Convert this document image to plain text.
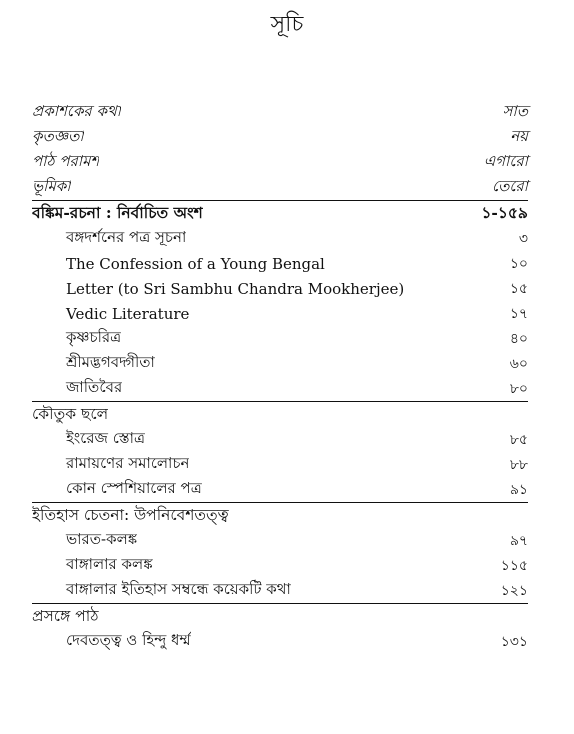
সূচি
প্রকাশকের কথা	সাত
কৃতজ্ঞতা	নয়
পাঠ পরামর্শ	এগারো
ভূমিকা	তেরো
বঙ্কিম-রচনা : নির্বাচিত অংশ	১-১৫৯
বঙ্গদর্শনের পত্র সূচনা	৩
The Confession of a Young Bengal	১০
Letter (to Sri Sambhu Chandra Mookherjee)	১৫
Vedic Literature	১৭
কৃষ্ণচরিত্র	৪০
শ্রীমদ্ভগবদ্গীতা	৬০
জাতিবৈর	৮০
কৌতুক ছলে
ইংরেজ স্তোত্র	৮৫
রামায়ণের সমালোচন	৮৮
কোন স্পেশিয়ালের পত্র	৯১
ইতিহাস চেতনা: উপনিবেশতত্ত্ব
ভারত-কলঙ্ক	৯৭
বাঙ্গালার কলঙ্ক	১১৫
বাঙ্গালার ইতিহাস সম্বন্ধে কয়েকটি কথা	১২১
প্রসঙ্গে পাঠ
দেবতত্ত্ব ও হিন্দু ধর্ম্ম	১৩১
